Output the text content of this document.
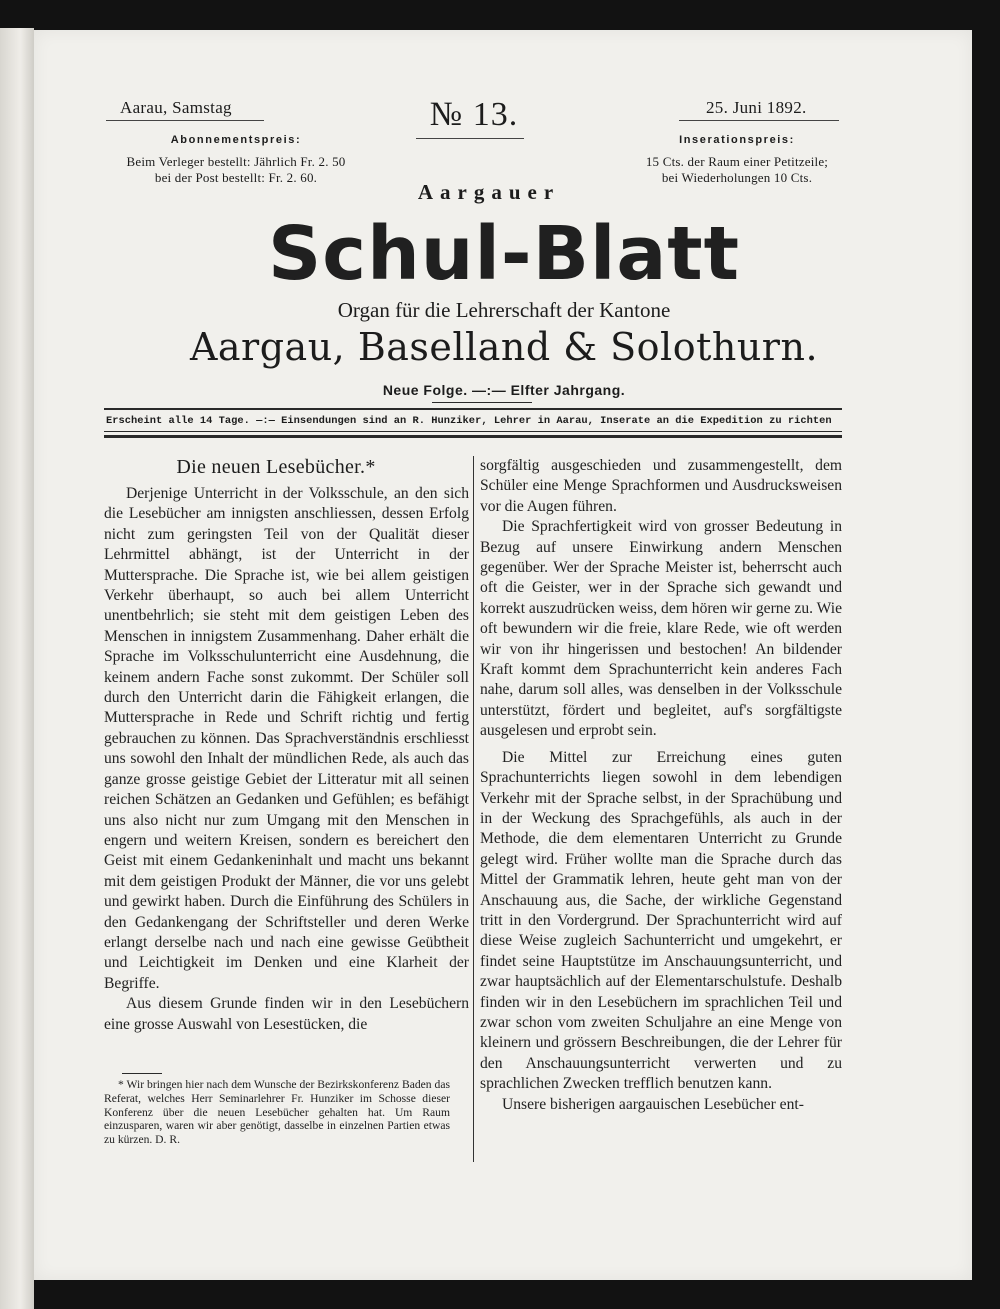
Aarau, Samstag	№ 13.	25. Juni 1892.
Abonnementspreis:
Beim Verleger bestellt: Jährlich Fr. 2. 50
bei der Post bestellt: Fr. 2. 60.
Inserationspreis:
15 Cts. der Raum einer Petitzeile;
bei Wiederholungen 10 Cts.
Aargauer
Schul-Blatt
Organ für die Lehrerschaft der Kantone
Aargau, Baselland & Solothurn.
Neue Folge. —:— Elfter Jahrgang.
Erscheint alle 14 Tage. —:— Einsendungen sind an R. Hunziker, Lehrer in Aarau, Inserate an die Expedition zu richten
Die neuen Lesebücher.*

Derjenige Unterricht in der Volksschule, an den sich die Lesebücher am innigsten anschliessen, dessen Erfolg nicht zum geringsten Teil von der Qualität dieser Lehrmittel abhängt, ist der Unterricht in der Muttersprache. Die Sprache ist, wie bei allem geistigen Verkehr überhaupt, so auch bei allem Unterricht unentbehrlich; sie steht mit dem geistigen Leben des Menschen in innigstem Zusammenhang. Daher erhält die Sprache im Volksschulunterricht eine Ausdehnung, die keinem andern Fache sonst zukommt. Der Schüler soll durch den Unterricht darin die Fähigkeit erlangen, die Muttersprache in Rede und Schrift richtig und fertig gebrauchen zu können. Das Sprachverständnis erschliesst uns sowohl den Inhalt der mündlichen Rede, als auch das ganze grosse geistige Gebiet der Litteratur mit all seinen reichen Schätzen an Gedanken und Gefühlen; es befähigt uns also nicht nur zum Umgang mit den Menschen in engern und weitern Kreisen, sondern es bereichert den Geist mit einem Gedankeninhalt und macht uns bekannt mit dem geistigen Produkt der Männer, die vor uns gelebt und gewirkt haben. Durch die Einführung des Schülers in den Gedankengang der Schriftsteller und deren Werke erlangt derselbe nach und nach eine gewisse Geübtheit und Leichtigkeit im Denken und eine Klarheit der Begriffe.

Aus diesem Grunde finden wir in den Lesebüchern eine grosse Auswahl von Lesestücken, die

* Wir bringen hier nach dem Wunsche der Bezirkskonferenz Baden das Referat, welches Herr Seminarlehrer Fr. Hunziker im Schosse dieser Konferenz über die neuen Lesebücher gehalten hat. Um Raum einzusparen, waren wir aber genötigt, dasselbe in einzelnen Partien etwas zu kürzen. D. R.

sorgfältig ausgeschieden und zusammengestellt, dem Schüler eine Menge Sprachformen und Ausdrucksweisen vor die Augen führen.

Die Sprachfertigkeit wird von grosser Bedeutung in Bezug auf unsere Einwirkung andern Menschen gegenüber. Wer der Sprache Meister ist, beherrscht auch oft die Geister, wer in der Sprache sich gewandt und korrekt auszudrücken weiss, dem hören wir gerne zu. Wie oft bewundern wir die freie, klare Rede, wie oft werden wir von ihr hingerissen und bestochen! An bildender Kraft kommt dem Sprachunterricht kein anderes Fach nahe, darum soll alles, was denselben in der Volksschule unterstützt, fördert und begleitet, auf's sorgfältigste ausgelesen und erprobt sein.

Die Mittel zur Erreichung eines guten Sprachunterrichts liegen sowohl in dem lebendigen Verkehr mit der Sprache selbst, in der Sprachübung und in der Weckung des Sprachgefühls, als auch in der Methode, die dem elementaren Unterricht zu Grunde gelegt wird. Früher wollte man die Sprache durch das Mittel der Grammatik lehren, heute geht man von der Anschauung aus, die Sache, der wirkliche Gegenstand tritt in den Vordergrund. Der Sprachunterricht wird auf diese Weise zugleich Sachunterricht und umgekehrt, er findet seine Hauptstütze im Anschauungsunterricht, und zwar hauptsächlich auf der Elementarschulstufe. Deshalb finden wir in den Lesebüchern im sprachlichen Teil und zwar schon vom zweiten Schuljahre an eine Menge von kleinern und grössern Beschreibungen, die der Lehrer für den Anschauungsunterricht verwerten und zu sprachlichen Zwecken trefflich benutzen kann.

Unsere bisherigen aargauischen Lesebücher ent-
